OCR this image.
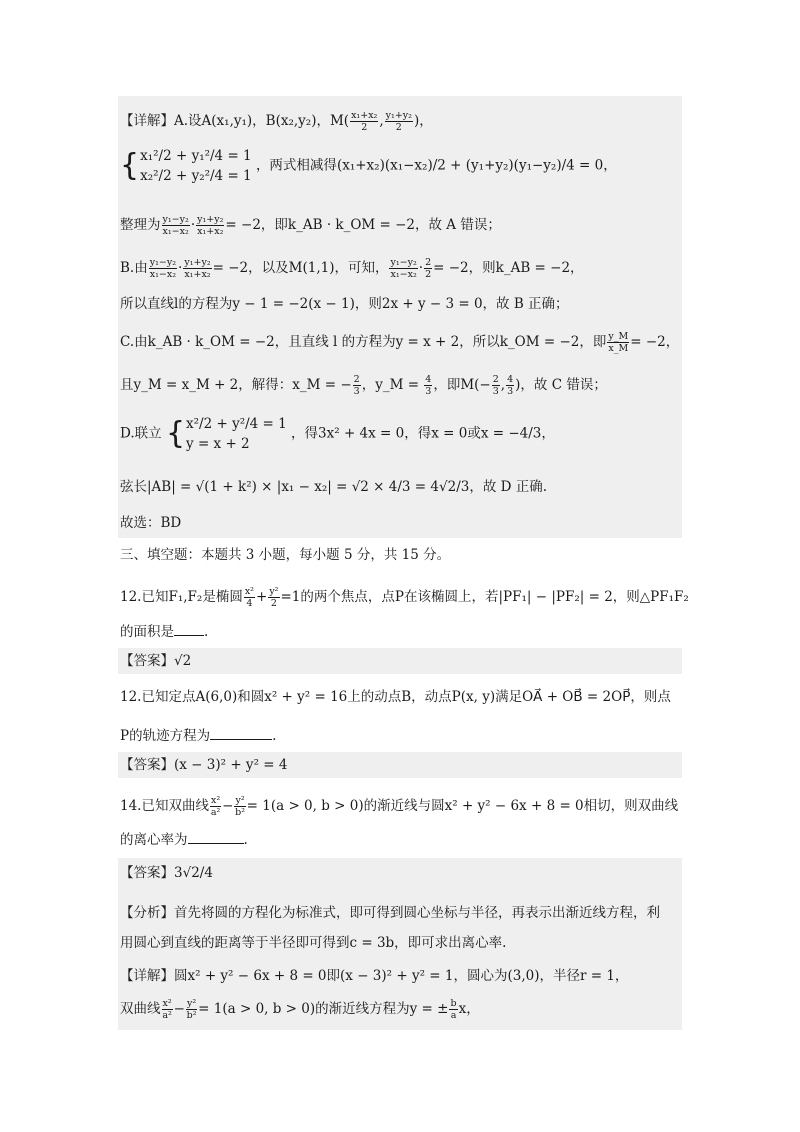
【详解】A.设A(x₁,y₁)，B(x₂,y₂)，$M( \frac{\text{x₁+x₂}}{2}$ , $\frac{\text{y₁+y₂}}{2}$ )，
{ x₁²/2 + y₁²/4 = 1
x₂²/2 + y₂²/4 = 1
，两式相减得(x₁+x₂)(x₁−x₂)/2 + (y₁+y₂)(y₁−y₂)/4 = 0，
整理为 $\frac{\text{y₁−y₂}}{\text{x₁−x₂}} \cdot \frac{\text{y₁+y₂}}{\text{x₁+x₂}} = -2$，即k_AB · k_OM = −2，故 A 错误；
B.由 $\frac{\text{y₁−y₂}}{\text{x₁−x₂}} \cdot \frac{\text{y₁+y₂}}{\text{x₁+x₂}} = -2$，以及M(1,1)，可知， $\frac{\text{y₁−y₂}}{\text{x₁−x₂}} \cdot \frac{2}{2} = -2$，则k_AB = −2，
所以直线l的方程为y − 1 = −2(x − 1)，则2x + y − 3 = 0，故 B 正确；
C.由k_AB · k_OM = −2，且直线 l 的方程为y = x + 2，所以k_OM = −2，即 $\frac{y\_M}{x\_M} = -2$，
且y_M = x_M + 2，解得：x_M = − $\frac{2}{3}$ ，y_M = $\frac{4}{3}$ ，即$M(- \frac{2}{3}$ , $\frac{4}{3}$ )，故 C 错误；
D.联立 { x²/2 + y²/4 = 1
y = x + 2
，得3x² + 4x = 0，得x = 0或x = −4/3，
弦长|AB| = √(1 + k²) × |x₁ − x₂| = √2 × 4/3 = 4√2/3，故 D 正确.
故选：BD
三、填空题：本题共 3 小题，每小题 5 分，共 15 分。
12.已知F₁,F₂是椭圆 $\frac{\text{x²}}{4} + \frac{\text{y²}}{2} =1$的两个焦点，点P在该椭圆上，若|PF₁| − |PF₂| = 2，则△PF₁F₂
的面积是 .
【答案】√2
12.已知定点A(6,0)和圆x² + y² = 16上的动点B，动点P(x, y)满足OA⃗ + OB⃗ = 2OP⃗，则点
P的轨迹方程为	.
【答案】(x − 3)² + y² = 4
14.已知双曲线 $\frac{\text{x²}}{\text{a²}} - \frac{\text{y²}}{\text{b²}} = 1(a > 0$, b > 0)的渐近线与圆x² + y² − 6x + 8 = 0相切，则双曲线
的离心率为	.
【答案】3√2/4
【分析】首先将圆的方程化为标准式，即可得到圆心坐标与半径，再表示出渐近线方程，利
用圆心到直线的距离等于半径即可得到c = 3b，即可求出离心率.
【详解】圆x² + y² − 6x + 8 = 0即(x − 3)² + y² = 1，圆心为(3,0)，半径r = 1，
双曲线 $\frac{\text{x²}}{\text{a²}} - \frac{\text{y²}}{\text{b²}} = 1(a > 0$, b > 0)的渐近线方程为y = ± $\frac{b}{a}$ x，
